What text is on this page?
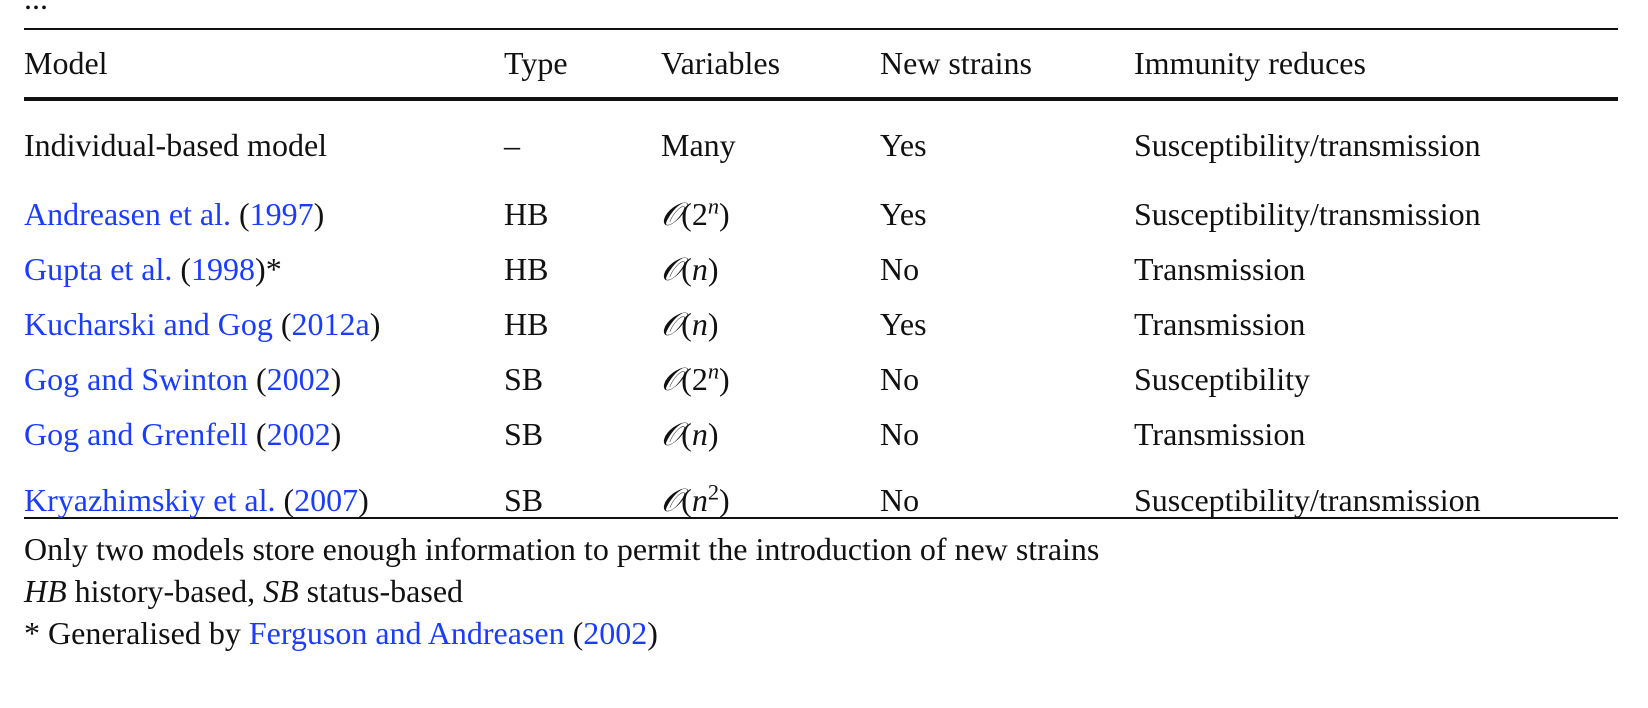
Model	Type	Variables	New strains	Immunity reduces
Individual-based model	–	Many	Yes	Susceptibility/transmission
Andreasen et al. (1997)	HB	𝒪(2$^n$)	Yes	Susceptibility/transmission
Gupta et al. (1998)*	HB	𝒪(n)	No	Transmission
Kucharski and Gog (2012a)	HB	𝒪(n)	Yes	Transmission
Gog and Swinton (2002)	SB	𝒪(2$^n$)	No	Susceptibility
Gog and Grenfell (2002)	SB	𝒪(n)	No	Transmission
Kryazhimskiy et al. (2007)	SB	$𝒪(n^2)$	No	Susceptibility/transmission
Only two models store enough information to permit the introduction of new strains
HB history-based, SB status-based
* Generalised by Ferguson and Andreasen (2002)
